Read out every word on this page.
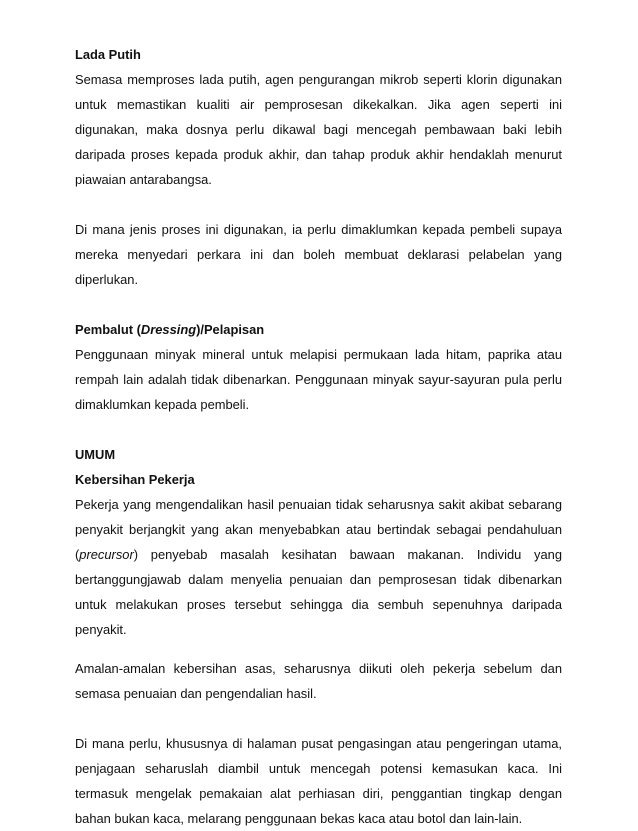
Lada Putih

Semasa memproses lada putih, agen pengurangan mikrob seperti klorin digunakan untuk memastikan kualiti air pemprosesan dikekalkan. Jika agen seperti ini digunakan, maka dosnya perlu dikawal bagi mencegah pembawaan baki lebih daripada proses kepada produk akhir, dan tahap produk akhir hendaklah menurut piawaian antarabangsa.

Di mana jenis proses ini digunakan, ia perlu dimaklumkan kepada pembeli supaya mereka menyedari perkara ini dan boleh membuat deklarasi pelabelan yang diperlukan.

Pembalut (Dressing)/Pelapisan

Penggunaan minyak mineral untuk melapisi permukaan lada hitam, paprika atau rempah lain adalah tidak dibenarkan. Penggunaan minyak sayur-sayuran pula perlu dimaklumkan kepada pembeli.

UMUM
Kebersihan Pekerja

Pekerja yang mengendalikan hasil penuaian tidak seharusnya sakit akibat sebarang penyakit berjangkit yang akan menyebabkan atau bertindak sebagai pendahuluan (precursor) penyebab masalah kesihatan bawaan makanan. Individu yang bertanggungjawab dalam menyelia penuaian dan pemprosesan tidak dibenarkan untuk melakukan proses tersebut sehingga dia sembuh sepenuhnya daripada penyakit.

Amalan-amalan kebersihan asas, seharusnya diikuti oleh pekerja sebelum dan semasa penuaian dan pengendalian hasil.

Di mana perlu, khususnya di halaman pusat pengasingan atau pengeringan utama, penjagaan seharuslah diambil untuk mencegah potensi kemasukan kaca. Ini termasuk mengelak pemakaian alat perhiasan diri, penggantian tingkap dengan bahan bukan kaca, melarang penggunaan bekas kaca atau botol dan lain-lain.
